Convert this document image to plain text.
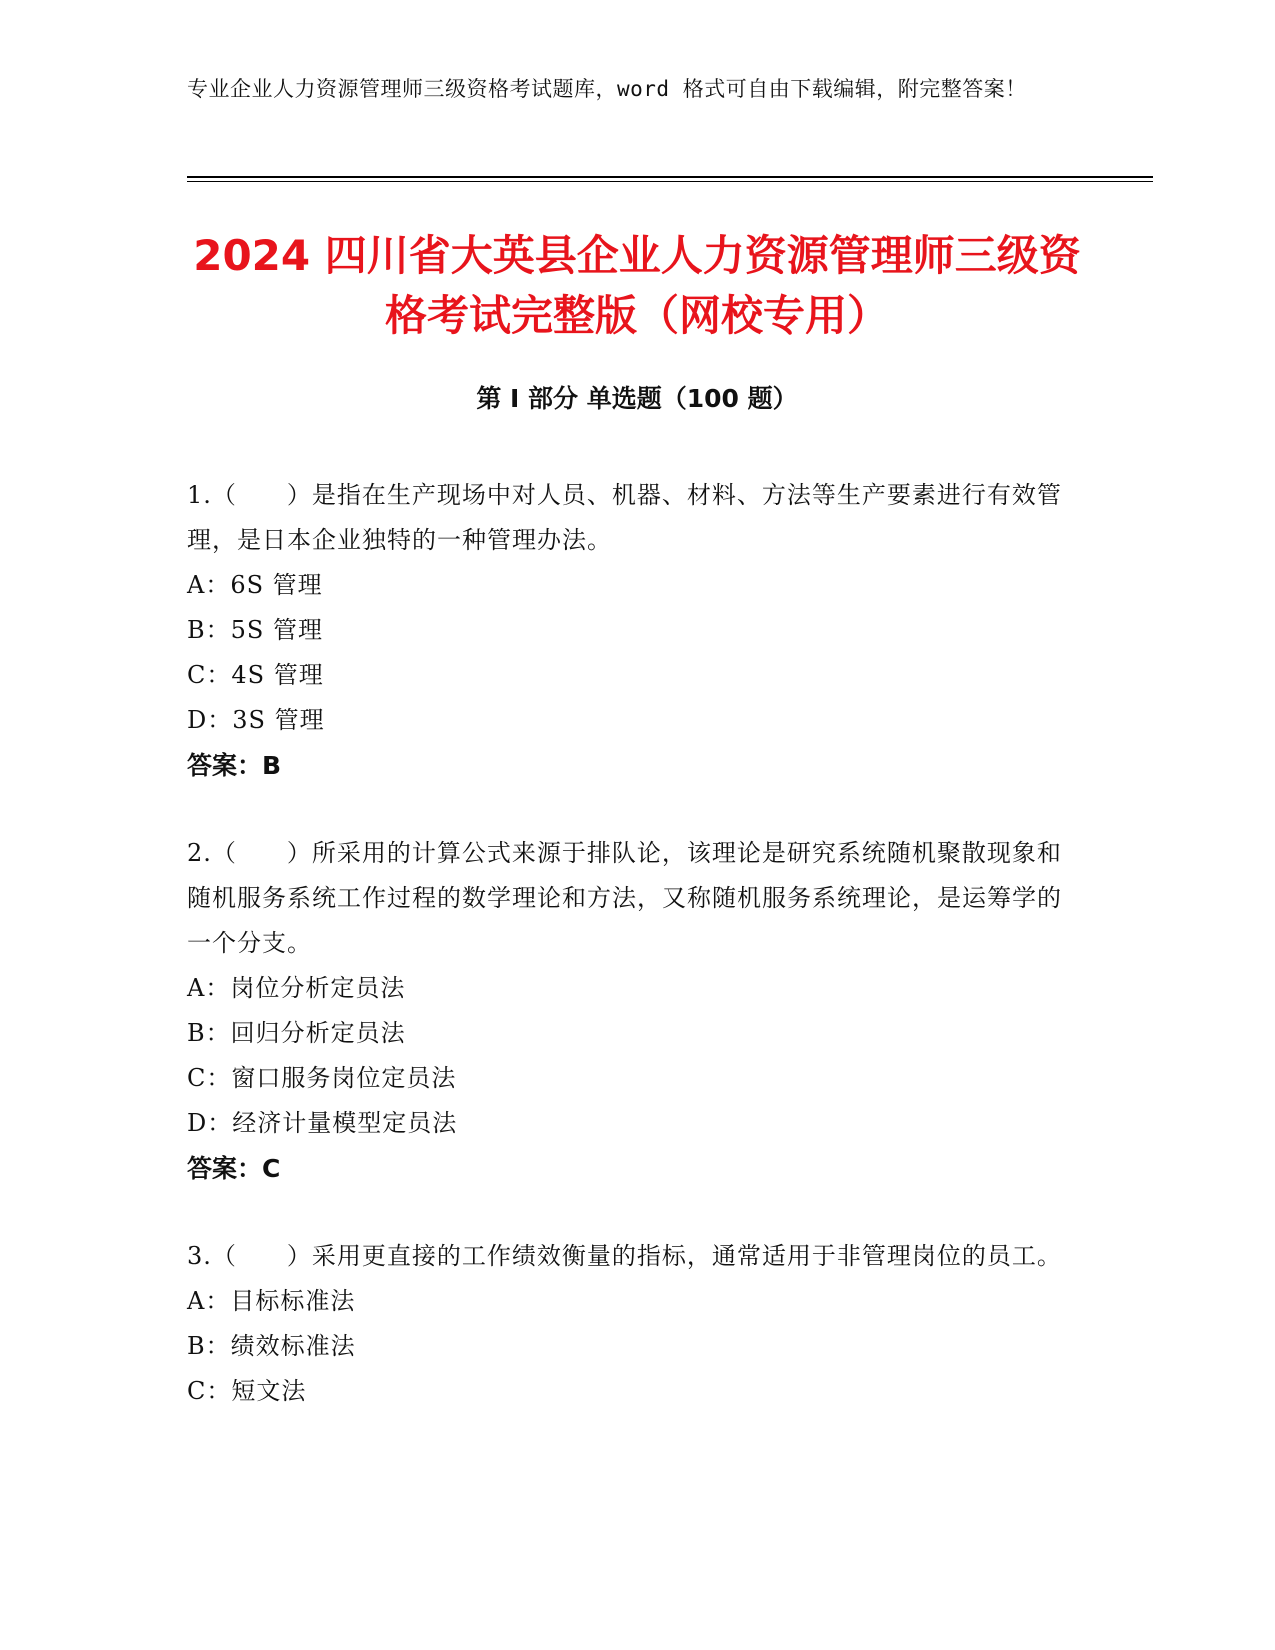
专业企业人力资源管理师三级资格考试题库，word 格式可自由下载编辑，附完整答案！
2024 四川省大英县企业人力资源管理师三级资格考试完整版（网校专用）
第 I 部分 单选题（100 题）
1.（　　）是指在生产现场中对人员、机器、材料、方法等生产要素进行有效管理，是日本企业独特的一种管理办法。
A：6S 管理
B：5S 管理
C：4S 管理
D：3S 管理
答案：B
2.（　　）所采用的计算公式来源于排队论，该理论是研究系统随机聚散现象和随机服务系统工作过程的数学理论和方法，又称随机服务系统理论，是运筹学的一个分支。
A：岗位分析定员法
B：回归分析定员法
C：窗口服务岗位定员法
D：经济计量模型定员法
答案：C
3.（　　）采用更直接的工作绩效衡量的指标，通常适用于非管理岗位的员工。
A：目标标准法
B：绩效标准法
C：短文法
